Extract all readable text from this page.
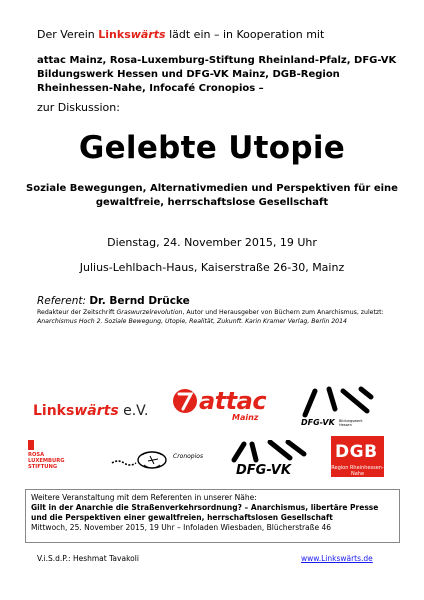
Der Verein Linkswärts lädt ein – in Kooperation mit
attac Mainz, Rosa-Luxemburg-Stiftung Rheinland-Pfalz, DFG-VK Bildungswerk Hessen und DFG-VK Mainz, DGB-Region Rheinhessen-Nahe, Infocafé Cronopios –
zur Diskussion:
Gelebte Utopie
Soziale Bewegungen, Alternativmedien und Perspektiven für eine gewaltfreie, herrschaftslose Gesellschaft
Dienstag, 24. November 2015, 19 Uhr
Julius-Lehlbach-Haus, Kaiserstraße 26-30, Mainz
Referent: Dr. Bernd Drücke
Redakteur der Zeitschrift Graswurzelrevolution, Autor und Herausgeber von Büchern zum Anarchismus, zuletzt: Anarchismus Hoch 2. Soziale Bewegung, Utopie, Realität, Zukunft. Karin Kramer Verlag, Berlin 2014
Linkswärts e.V. attac
Mainz
DFG-VK Bildungswerk Hessen
ROSA
LUXEMBURG
STIFTUNG
Cronopios
DFG-VK
DGB
Region Rheinhessen-Nahe
Weitere Veranstaltung mit dem Referenten in unserer Nähe:
Gilt in der Anarchie die Straßenverkehrsordnung? – Anarchismus, libertäre Presse und die Perspektiven einer gewaltfreien, herrschaftslosen Gesellschaft
Mittwoch, 25. November 2015, 19 Uhr – Infoladen Wiesbaden, Blücherstraße 46
V.i.S.d.P.: Heshmat Tavakoli	www.Linkswärts.de
